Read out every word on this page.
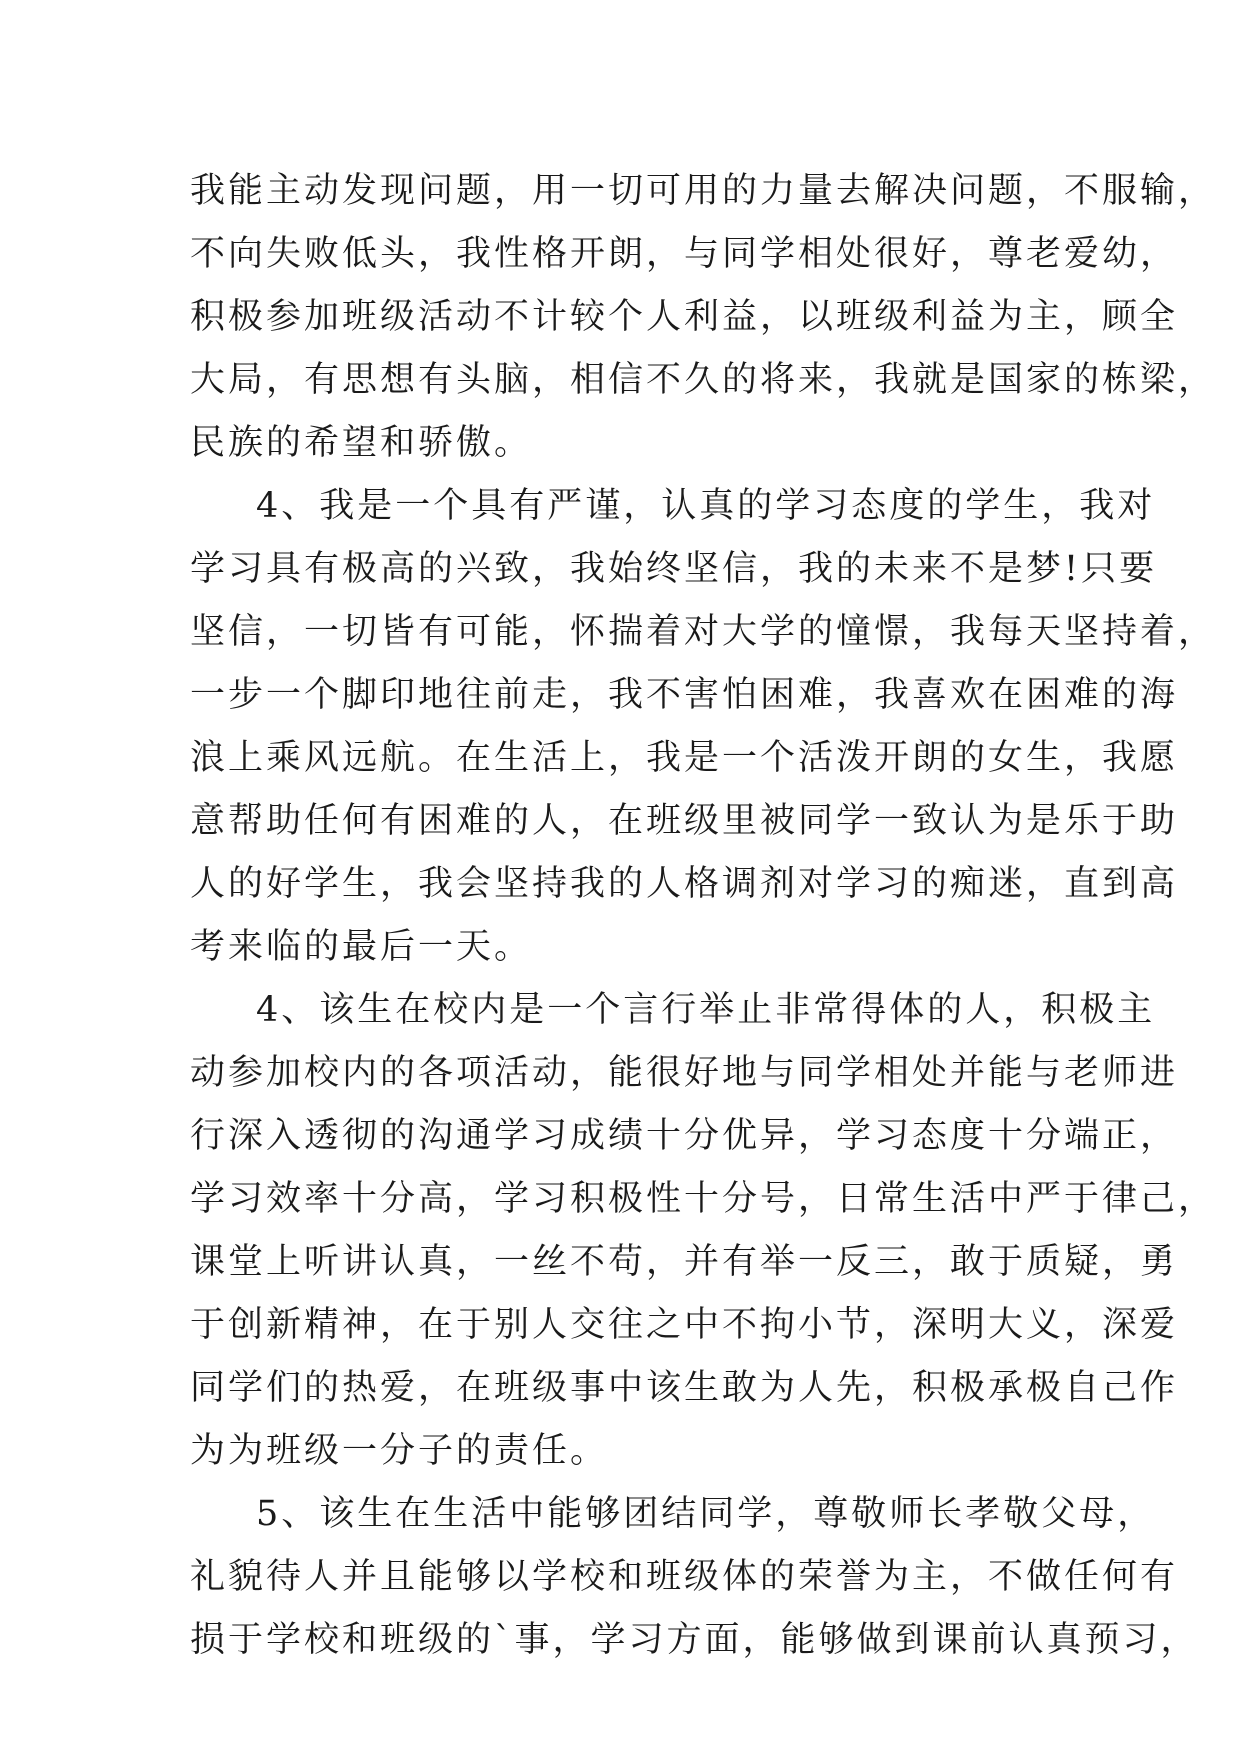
我能主动发现问题，用一切可用的力量去解决问题，不服输，
不向失败低头，我性格开朗，与同学相处很好，尊老爱幼，
积极参加班级活动不计较个人利益，以班级利益为主，顾全
大局，有思想有头脑，相信不久的将来，我就是国家的栋梁，
民族的希望和骄傲。
4、我是一个具有严谨，认真的学习态度的学生，我对
学习具有极高的兴致，我始终坚信，我的未来不是梦!只要
坚信，一切皆有可能，怀揣着对大学的憧憬，我每天坚持着，
一步一个脚印地往前走，我不害怕困难，我喜欢在困难的海
浪上乘风远航。在生活上，我是一个活泼开朗的女生，我愿
意帮助任何有困难的人，在班级里被同学一致认为是乐于助
人的好学生，我会坚持我的人格调剂对学习的痴迷，直到高
考来临的最后一天。
4、该生在校内是一个言行举止非常得体的人，积极主
动参加校内的各项活动，能很好地与同学相处并能与老师进
行深入透彻的沟通学习成绩十分优异，学习态度十分端正，
学习效率十分高，学习积极性十分号，日常生活中严于律己，
课堂上听讲认真，一丝不苟，并有举一反三，敢于质疑，勇
于创新精神，在于别人交往之中不拘小节，深明大义，深爱
同学们的热爱，在班级事中该生敢为人先，积极承极自己作
为为班级一分子的责任。
5、该生在生活中能够团结同学，尊敬师长孝敬父母，
礼貌待人并且能够以学校和班级体的荣誉为主，不做任何有
损于学校和班级的`事，学习方面，能够做到课前认真预习，
